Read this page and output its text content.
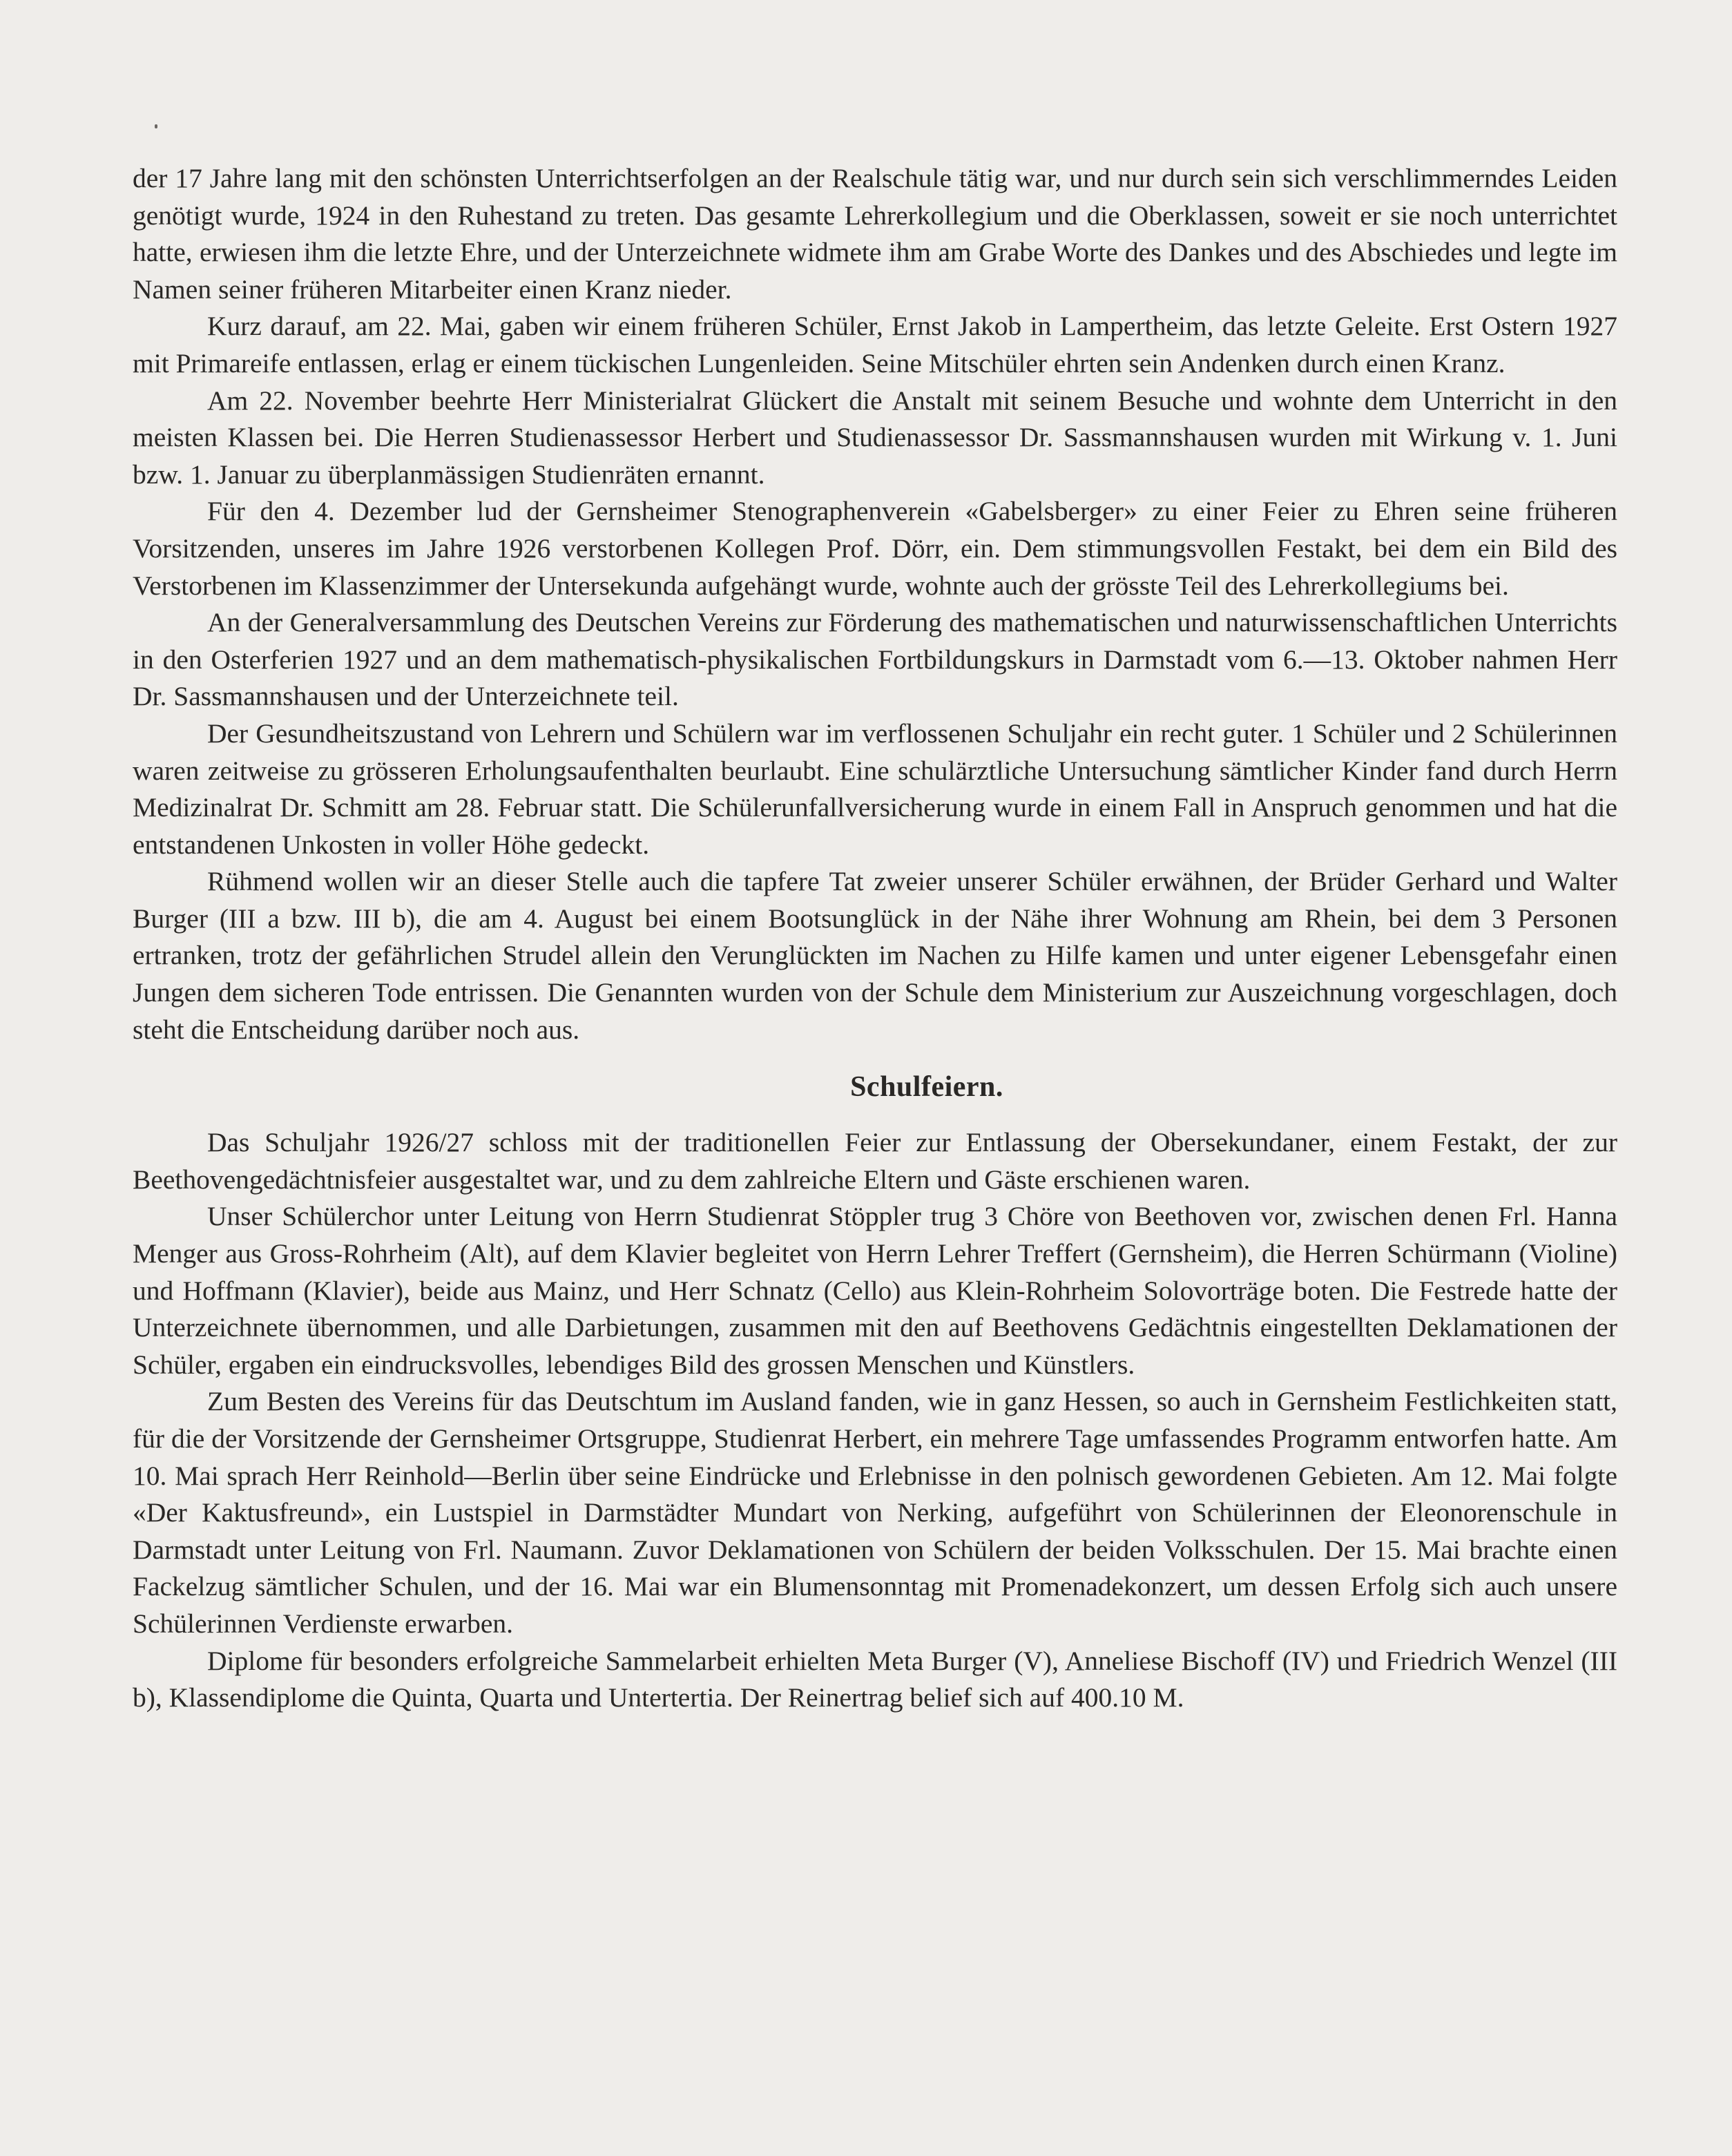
der 17 Jahre lang mit den schönsten Unterrichtserfolgen an der Realschule tätig war, und nur durch sein sich verschlimmerndes Leiden genötigt wurde, 1924 in den Ruhestand zu treten. Das gesamte Lehrerkollegium und die Oberklassen, soweit er sie noch unterrichtet hatte, erwiesen ihm die letzte Ehre, und der Unterzeichnete widmete ihm am Grabe Worte des Dankes und des Abschiedes und legte im Namen seiner früheren Mitarbeiter einen Kranz nieder.

Kurz darauf, am 22. Mai, gaben wir einem früheren Schüler, Ernst Jakob in Lampertheim, das letzte Geleite. Erst Ostern 1927 mit Primareife entlassen, erlag er einem tückischen Lungenleiden. Seine Mitschüler ehrten sein Andenken durch einen Kranz.

Am 22. November beehrte Herr Ministerialrat Glückert die Anstalt mit seinem Besuche und wohnte dem Unterricht in den meisten Klassen bei. Die Herren Studienassessor Herbert und Studienassessor Dr. Sassmannshausen wurden mit Wirkung v. 1. Juni bzw. 1. Januar zu überplanmässigen Studienräten ernannt.

Für den 4. Dezember lud der Gernsheimer Stenographenverein «Gabelsberger» zu einer Feier zu Ehren seine früheren Vorsitzenden, unseres im Jahre 1926 verstorbenen Kollegen Prof. Dörr, ein. Dem stimmungsvollen Festakt, bei dem ein Bild des Verstorbenen im Klassenzimmer der Untersekunda aufgehängt wurde, wohnte auch der grösste Teil des Lehrerkollegiums bei.

An der Generalversammlung des Deutschen Vereins zur Förderung des mathematischen und naturwissenschaftlichen Unterrichts in den Osterferien 1927 und an dem mathematisch-physikalischen Fortbildungskurs in Darmstadt vom 6.—13. Oktober nahmen Herr Dr. Sassmannshausen und der Unterzeichnete teil.

Der Gesundheitszustand von Lehrern und Schülern war im verflossenen Schuljahr ein recht guter. 1 Schüler und 2 Schülerinnen waren zeitweise zu grösseren Erholungsaufenthalten beurlaubt. Eine schulärztliche Untersuchung sämtlicher Kinder fand durch Herrn Medizinalrat Dr. Schmitt am 28. Februar statt. Die Schülerunfallversicherung wurde in einem Fall in Anspruch genommen und hat die entstandenen Unkosten in voller Höhe gedeckt.

Rühmend wollen wir an dieser Stelle auch die tapfere Tat zweier unserer Schüler erwähnen, der Brüder Gerhard und Walter Burger (III a bzw. III b), die am 4. August bei einem Bootsunglück in der Nähe ihrer Wohnung am Rhein, bei dem 3 Personen ertranken, trotz der gefährlichen Strudel allein den Verunglückten im Nachen zu Hilfe kamen und unter eigener Lebensgefahr einen Jungen dem sicheren Tode entrissen. Die Genannten wurden von der Schule dem Ministerium zur Auszeichnung vorgeschlagen, doch steht die Entscheidung darüber noch aus.

Schulfeiern.

Das Schuljahr 1926/27 schloss mit der traditionellen Feier zur Entlassung der Obersekundaner, einem Festakt, der zur Beethovengedächtnisfeier ausgestaltet war, und zu dem zahlreiche Eltern und Gäste erschienen waren.

Unser Schülerchor unter Leitung von Herrn Studienrat Stöppler trug 3 Chöre von Beethoven vor, zwischen denen Frl. Hanna Menger aus Gross-Rohrheim (Alt), auf dem Klavier begleitet von Herrn Lehrer Treffert (Gernsheim), die Herren Schürmann (Violine) und Hoffmann (Klavier), beide aus Mainz, und Herr Schnatz (Cello) aus Klein-Rohrheim Solovorträge boten. Die Festrede hatte der Unterzeichnete übernommen, und alle Darbietungen, zusammen mit den auf Beethovens Gedächtnis eingestellten Deklamationen der Schüler, ergaben ein eindrucksvolles, lebendiges Bild des grossen Menschen und Künstlers.

Zum Besten des Vereins für das Deutschtum im Ausland fanden, wie in ganz Hessen, so auch in Gernsheim Festlichkeiten statt, für die der Vorsitzende der Gernsheimer Ortsgruppe, Studienrat Herbert, ein mehrere Tage umfassendes Programm entworfen hatte. Am 10. Mai sprach Herr Reinhold—Berlin über seine Eindrücke und Erlebnisse in den polnisch gewordenen Gebieten. Am 12. Mai folgte «Der Kaktusfreund», ein Lustspiel in Darmstädter Mundart von Nerking, aufgeführt von Schülerinnen der Eleonorenschule in Darmstadt unter Leitung von Frl. Naumann. Zuvor Deklamationen von Schülern der beiden Volksschulen. Der 15. Mai brachte einen Fackelzug sämtlicher Schulen, und der 16. Mai war ein Blumensonntag mit Promenadekonzert, um dessen Erfolg sich auch unsere Schülerinnen Verdienste erwarben.

Diplome für besonders erfolgreiche Sammelarbeit erhielten Meta Burger (V), Anneliese Bischoff (IV) und Friedrich Wenzel (III b), Klassendiplome die Quinta, Quarta und Untertertia. Der Reinertrag belief sich auf 400.10 M.
